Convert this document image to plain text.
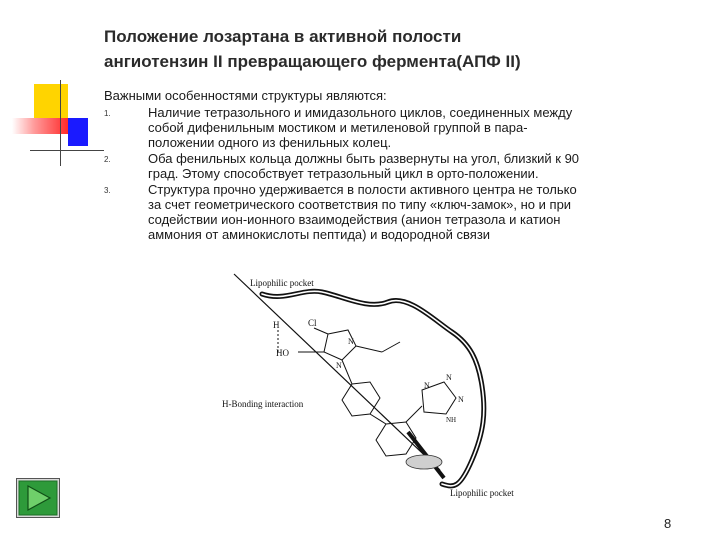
Положение лозартана в активной полости
ангиотензин II превращающего фермента(АПФ II)

Важными особенностями структуры являются:

1.	Наличие тетразольного и имидазольного циклов, соединенных между
собой дифенильным мостиком и метиленовой группой в пара-
положении одного из фенильных колец.
2.	Оба фенильных кольца должны быть развернуты на угол, близкий к 90
град. Этому способствует тетразольный цикл в орто-положении.
3.	Структура прочно удерживается в полости активного центра не только
за счет геометрического соответствия по типу «ключ-замок», но и при
содействии ион-ионного взаимодействия (анион тетразола и катион
аммония от аминокислоты пептида) и водородной связи
Lipophilic pocket
Lipophilic pocket
H-Bonding interaction
H
HO
Cl
N
N
N
N
N
NH
8
